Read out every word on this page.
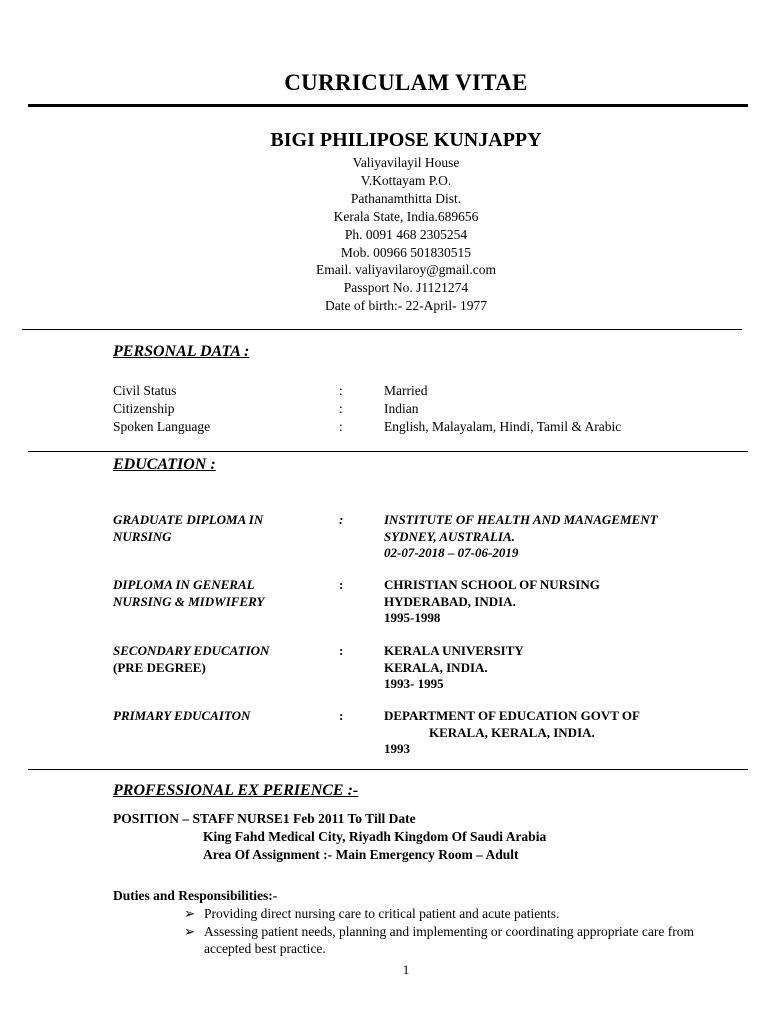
CURRICULAM VITAE
BIGI PHILIPOSE KUNJAPPY
Valiyavilayil House
V.Kottayam P.O.
Pathanamthitta Dist.
Kerala State, India.689656
Ph. 0091 468 2305254
Mob. 00966 501830515
Email. valiyavilaroy@gmail.com
Passport No. J1121274
Date of birth:- 22-April- 1977
PERSONAL DATA :
Civil Status	:	Married
Citizenship	:	Indian
Spoken Language	:	English, Malayalam, Hindi, Tamil & Arabic
EDUCATION :
GRADUATE DIPLOMA IN
NURSING
:	INSTITUTE OF HEALTH AND MANAGEMENT
SYDNEY, AUSTRALIA.
02-07-2018 – 07-06-2019
DIPLOMA IN GENERAL
NURSING & MIDWIFERY
:	CHRISTIAN SCHOOL OF NURSING
HYDERABAD, INDIA.
1995-1998
SECONDARY EDUCATION
(PRE DEGREE)
:	KERALA UNIVERSITY
KERALA, INDIA.
1993- 1995
PRIMARY EDUCAITON	:	DEPARTMENT OF EDUCATION GOVT OF
KERALA, KERALA, INDIA.
1993
PROFESSIONAL EX PERIENCE :-
POSITION – STAFF NURSE1 Feb 2011 To Till Date
King Fahd Medical City, Riyadh Kingdom Of Saudi Arabia
Area Of Assignment :- Main Emergency Room – Adult
Duties and Responsibilities:-
➢ Providing direct nursing care to critical patient and acute patients.
➢ Assessing patient needs, planning and implementing or coordinating appropriate care from accepted best practice.
1
